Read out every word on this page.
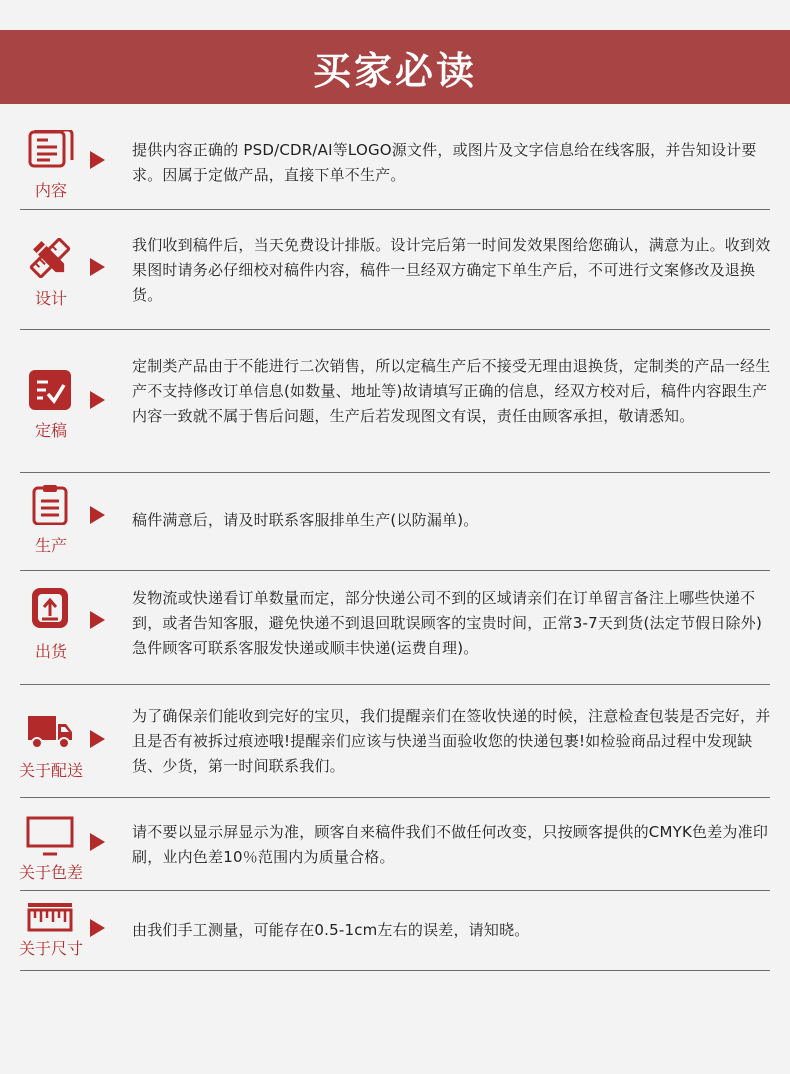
买家必读
内容
提供内容正确的 PSD/CDR/AI等LOGO源文件，或图片及文字信息给在线客服，并告知设计要求。因属于定做产品，直接下单不生产。
设计
我们收到稿件后，当天免费设计排版。设计完后第一时间发效果图给您确认，满意为止。收到效果图时请务必仔细校对稿件内容，稿件一旦经双方确定下单生产后，不可进行文案修改及退换货。
定稿
定制类产品由于不能进行二次销售，所以定稿生产后不接受无理由退换货，定制类的产品一经生产不支持修改订单信息(如数量、地址等)故请填写正确的信息，经双方校对后，稿件内容跟生产内容一致就不属于售后问题，生产后若发现图文有误，责任由顾客承担，敬请悉知。
生产
稿件满意后，请及时联系客服排单生产(以防漏单)。
出货
发物流或快递看订单数量而定，部分快递公司不到的区域请亲们在订单留言备注上哪些快递不到，或者告知客服，避免快递不到退回耽误顾客的宝贵时间，正常3-7天到货(法定节假日除外)急件顾客可联系客服发快递或顺丰快递(运费自理)。
关于配送
为了确保亲们能收到完好的宝贝，我们提醒亲们在签收快递的时候，注意检查包装是否完好，并且是否有被拆过痕迹哦!提醒亲们应该与快递当面验收您的快递包裹!如检验商品过程中发现缺货、少货，第一时间联系我们。
关于色差
请不要以显示屏显示为准，顾客自来稿件我们不做任何改变，只按顾客提供的CMYK色差为准印刷，业内色差10％范围内为质量合格。
关于尺寸
由我们手工测量，可能存在0.5-1cm左右的误差，请知晓。
